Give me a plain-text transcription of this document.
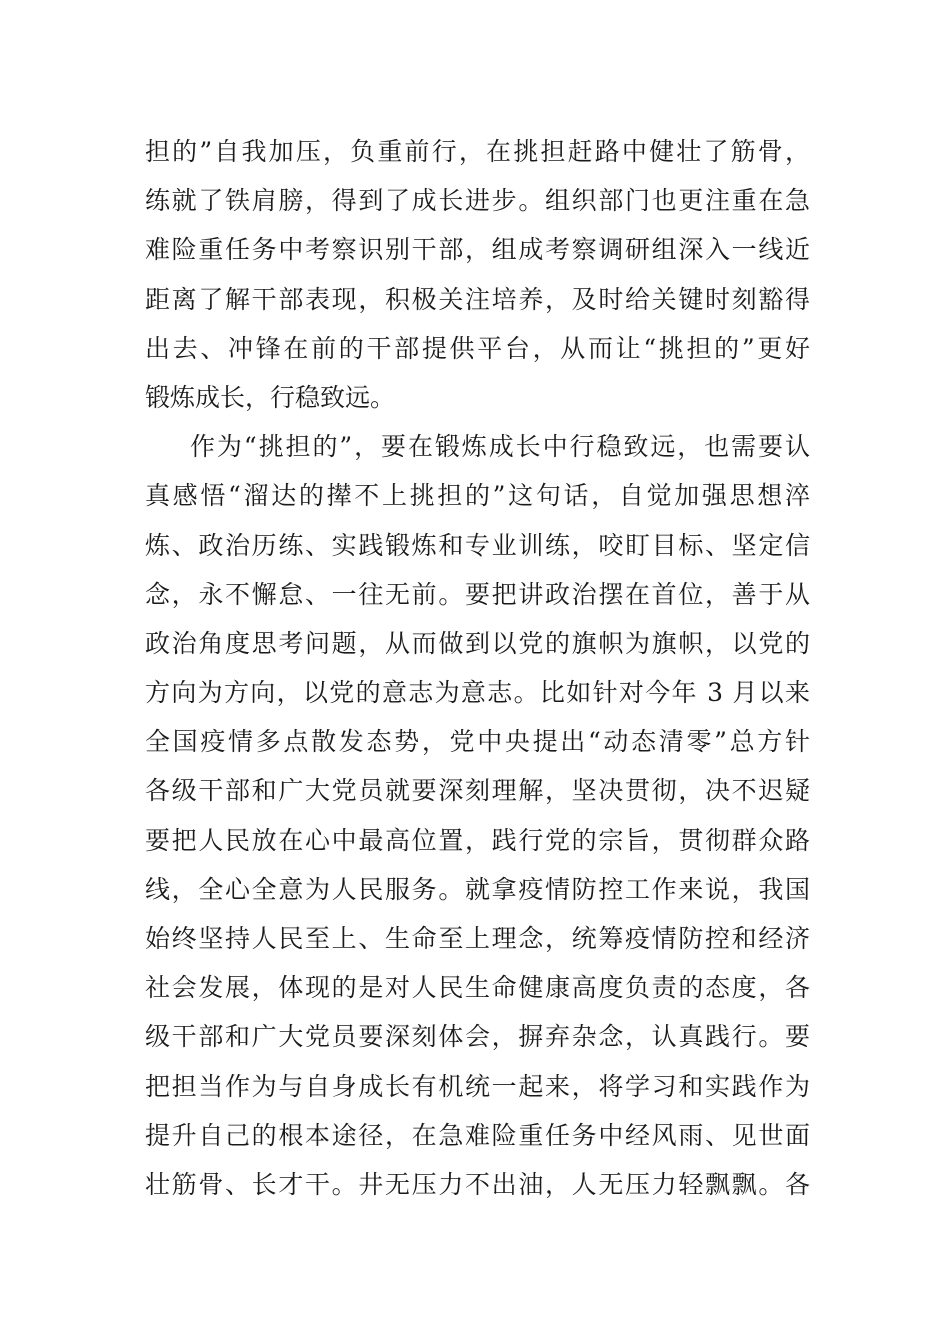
担的”自我加压，负重前行，在挑担赶路中健壮了筋骨，
练就了铁肩膀，得到了成长进步。组织部门也更注重在急
难险重任务中考察识别干部，组成考察调研组深入一线近
距离了解干部表现，积极关注培养，及时给关键时刻豁得
出去、冲锋在前的干部提供平台，从而让“挑担的”更好
锻炼成长，行稳致远。
作为“挑担的”，要在锻炼成长中行稳致远，也需要认
真感悟“溜达的撵不上挑担的”这句话，自觉加强思想淬
炼、政治历练、实践锻炼和专业训练，咬盯目标、坚定信
念，永不懈怠、一往无前。要把讲政治摆在首位，善于从
政治角度思考问题，从而做到以党的旗帜为旗帜，以党的
方向为方向，以党的意志为意志。比如针对今年 3 月以来
全国疫情多点散发态势，党中央提出“动态清零”总方针
各级干部和广大党员就要深刻理解，坚决贯彻，决不迟疑
要把人民放在心中最高位置，践行党的宗旨，贯彻群众路
线，全心全意为人民服务。就拿疫情防控工作来说，我国
始终坚持人民至上、生命至上理念，统筹疫情防控和经济
社会发展，体现的是对人民生命健康高度负责的态度，各
级干部和广大党员要深刻体会，摒弃杂念，认真践行。要
把担当作为与自身成长有机统一起来，将学习和实践作为
提升自己的根本途径，在急难险重任务中经风雨、见世面
壮筋骨、长才干。井无压力不出油，人无压力轻飘飘。各
